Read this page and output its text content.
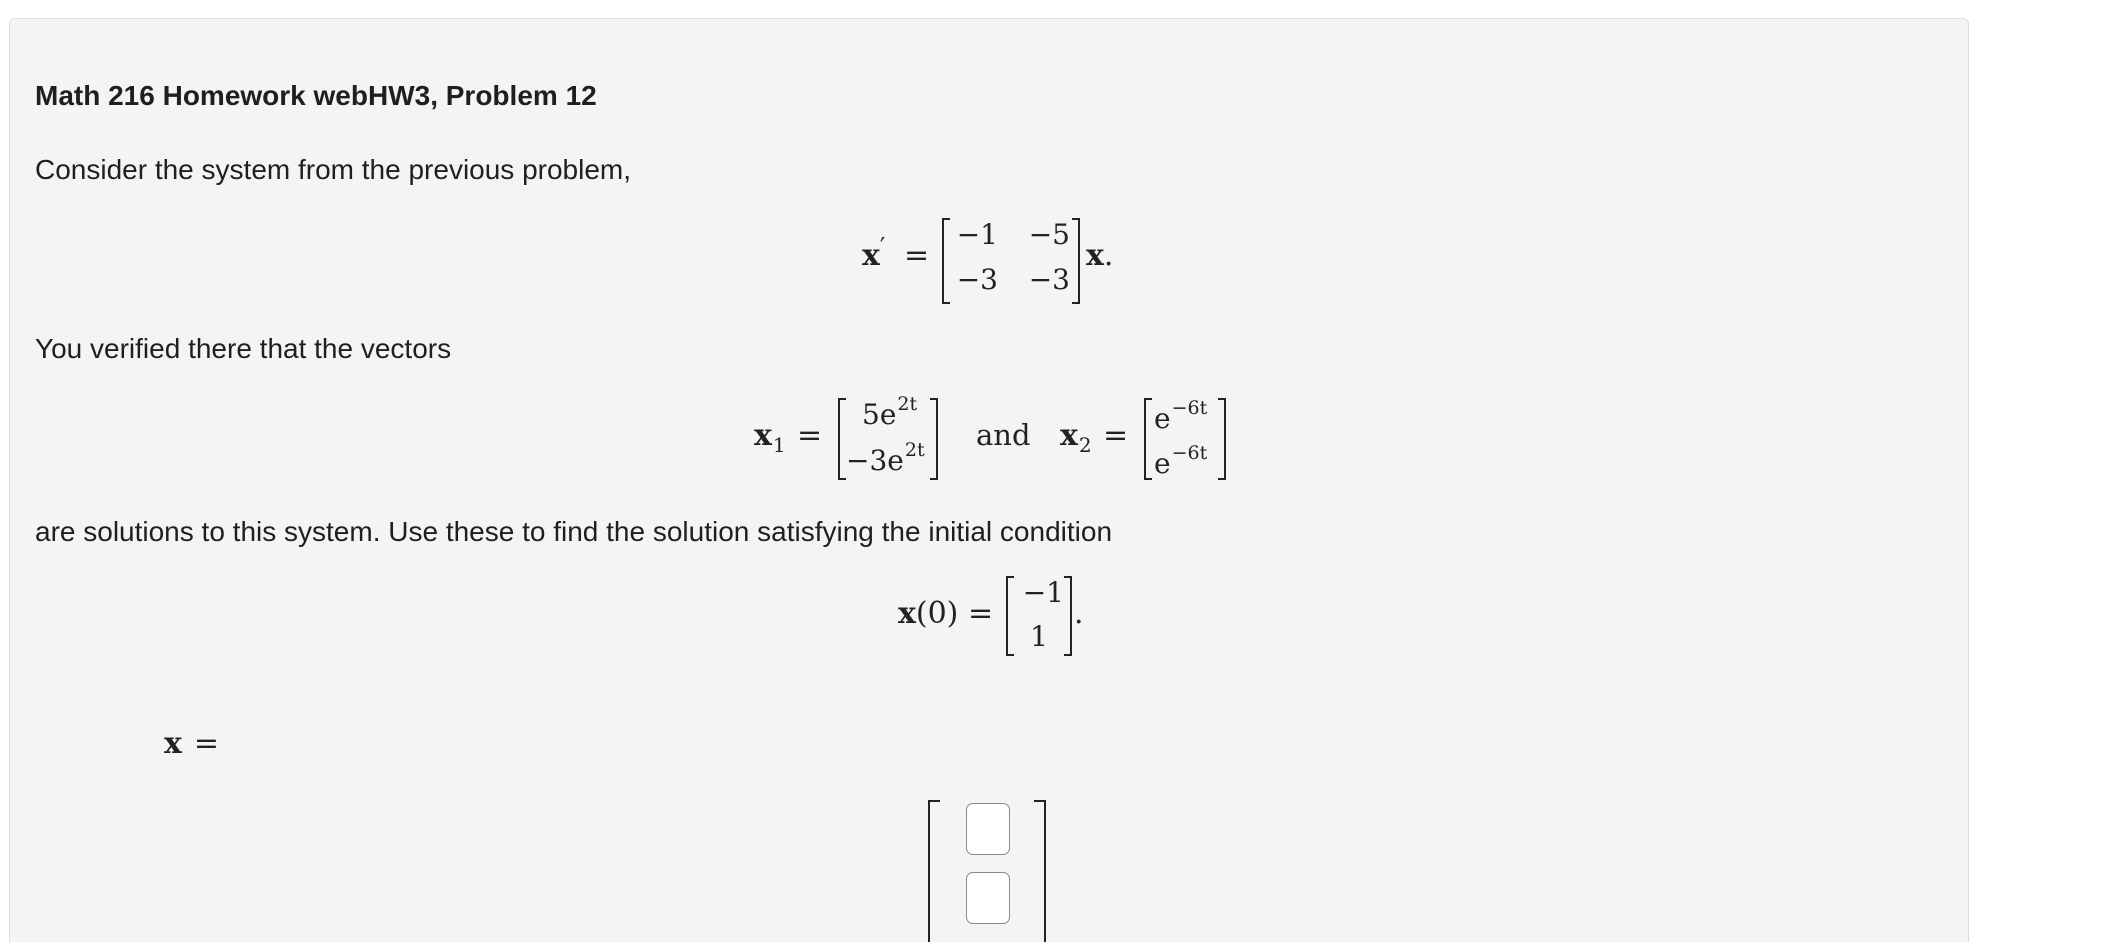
Math 216 Homework webHW3, Problem 12
Consider the system from the previous problem,
x′ =
−1	−5
−3	−3
x.
You verified there that the vectors
$x_1$ =
$5e^{2t}$
$-3e^{2t}$ and $x_2 = e^{-6t}$
$e^{-6t}$
are solutions to this system. Use these to find the solution satisfying the initial condition
x(0) =
−1
1
.
x =
